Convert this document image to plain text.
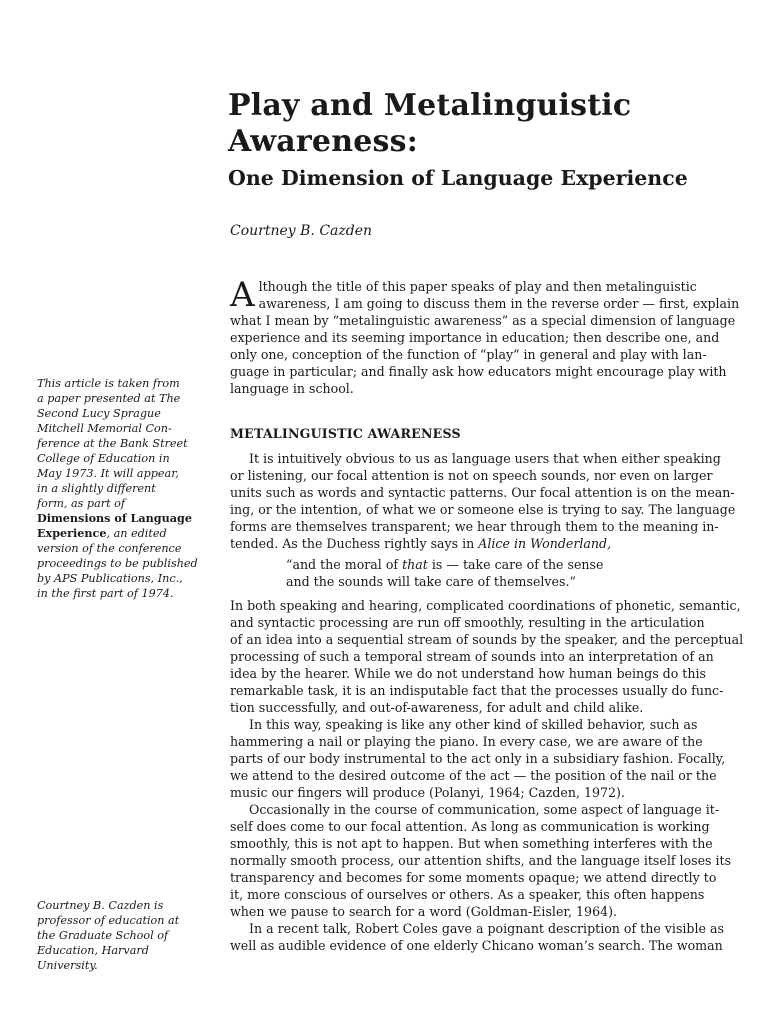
Play and Metalinguistic
Awareness:
One Dimension of Language Experience
Courtney B. Cazden
This article is taken from
a paper presented at The
Second Lucy Sprague
Mitchell Memorial Con-
ference at the Bank Street
College of Education in
May 1973. It will appear,
in a slightly different
form, as part of
Dimensions of Language
Experience, an edited
version of the conference
proceedings to be published
by APS Publications, Inc.,
in the first part of 1974.
Courtney B. Cazden is
professor of education at
the Graduate School of
Education, Harvard
University.
A lthough the title of this paper speaks of play and then metalinguistic
awareness, I am going to discuss them in the reverse order — first, explain
what I mean by “metalinguistic awareness” as a special dimension of language
experience and its seeming importance in education; then describe one, and
only one, conception of the function of “play” in general and play with lan-
guage in particular; and finally ask how educators might encourage play with
language in school.
METALINGUISTIC AWARENESS
It is intuitively obvious to us as language users that when either speaking
or listening, our focal attention is not on speech sounds, nor even on larger
units such as words and syntactic patterns. Our focal attention is on the mean-
ing, or the intention, of what we or someone else is trying to say. The language
forms are themselves transparent; we hear through them to the meaning in-
tended. As the Duchess rightly says in Alice in Wonderland,
“and the moral of that is — take care of the sense
and the sounds will take care of themselves.”
In both speaking and hearing, complicated coordinations of phonetic, semantic,
and syntactic processing are run off smoothly, resulting in the articulation
of an idea into a sequential stream of sounds by the speaker, and the perceptual
processing of such a temporal stream of sounds into an interpretation of an
idea by the hearer. While we do not understand how human beings do this
remarkable task, it is an indisputable fact that the processes usually do func-
tion successfully, and out-of-awareness, for adult and child alike.
In this way, speaking is like any other kind of skilled behavior, such as
hammering a nail or playing the piano. In every case, we are aware of the
parts of our body instrumental to the act only in a subsidiary fashion. Focally,
we attend to the desired outcome of the act — the position of the nail or the
music our fingers will produce (Polanyi, 1964; Cazden, 1972).
Occasionally in the course of communication, some aspect of language it-
self does come to our focal attention. As long as communication is working
smoothly, this is not apt to happen. But when something interferes with the
normally smooth process, our attention shifts, and the language itself loses its
transparency and becomes for some moments opaque; we attend directly to
it, more conscious of ourselves or others. As a speaker, this often happens
when we pause to search for a word (Goldman-Eisler, 1964).
In a recent talk, Robert Coles gave a poignant description of the visible as
well as audible evidence of one elderly Chicano woman’s search. The woman
